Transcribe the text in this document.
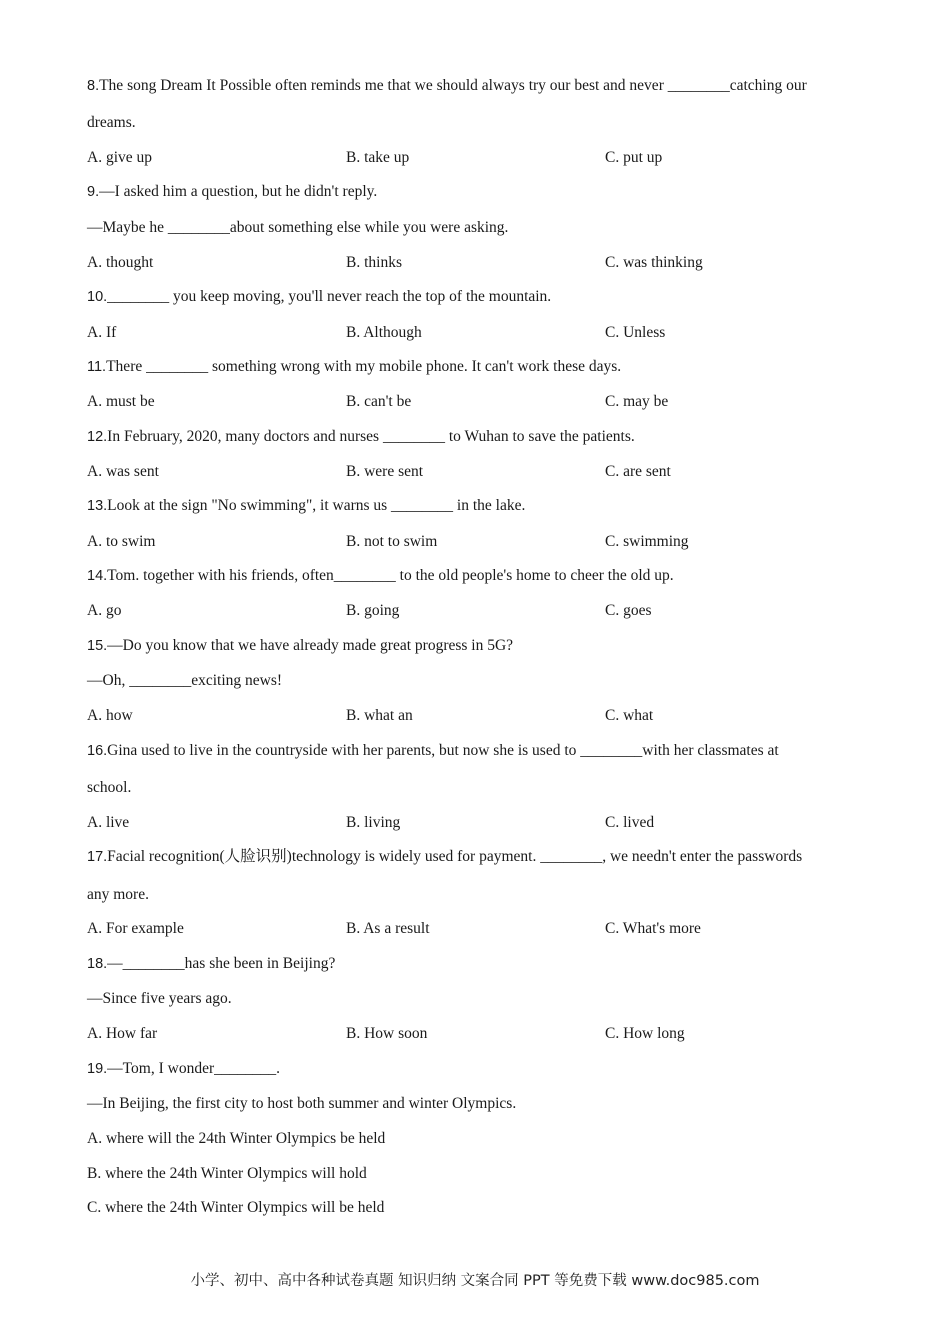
8.The song Dream It Possible often reminds me that we should always try our best and never ________catching our
dreams.
A. give up	B. take up	C. put up
9.—I asked him a question, but he didn't reply.
—Maybe he ________about something else while you were asking.
A. thought	B. thinks	C. was thinking
10.________ you keep moving, you'll never reach the top of the mountain.
A. If	B. Although	C. Unless
11.There ________ something wrong with my mobile phone. It can't work these days.
A. must be	B. can't be	C. may be
12.In February, 2020, many doctors and nurses ________ to Wuhan to save the patients.
A. was sent	B. were sent	C. are sent
13.Look at the sign "No swimming", it warns us ________ in the lake.
A. to swim	B. not to swim	C. swimming
14.Tom. together with his friends, often________ to the old people's home to cheer the old up.
A. go	B. going	C. goes
15.—Do you know that we have already made great progress in 5G?
—Oh, ________exciting news!
A. how	B. what an	C. what
16.Gina used to live in the countryside with her parents, but now she is used to ________with her classmates at
school.
A. live	B. living	C. lived
17.Facial recognition(人脸识别)technology is widely used for payment. ________, we needn't enter the passwords
any more.
A. For example	B. As a result	C. What's more
18.—________has she been in Beijing?
—Since five years ago.
A. How far	B. How soon	C. How long
19.—Tom, I wonder________.
—In Beijing, the first city to host both summer and winter Olympics.
A. where will the 24th Winter Olympics be held
B. where the 24th Winter Olympics will hold
C. where the 24th Winter Olympics will be held
小学、初中、高中各种试卷真题 知识归纳 文案合同 PPT 等免费下载 www.doc985.com
